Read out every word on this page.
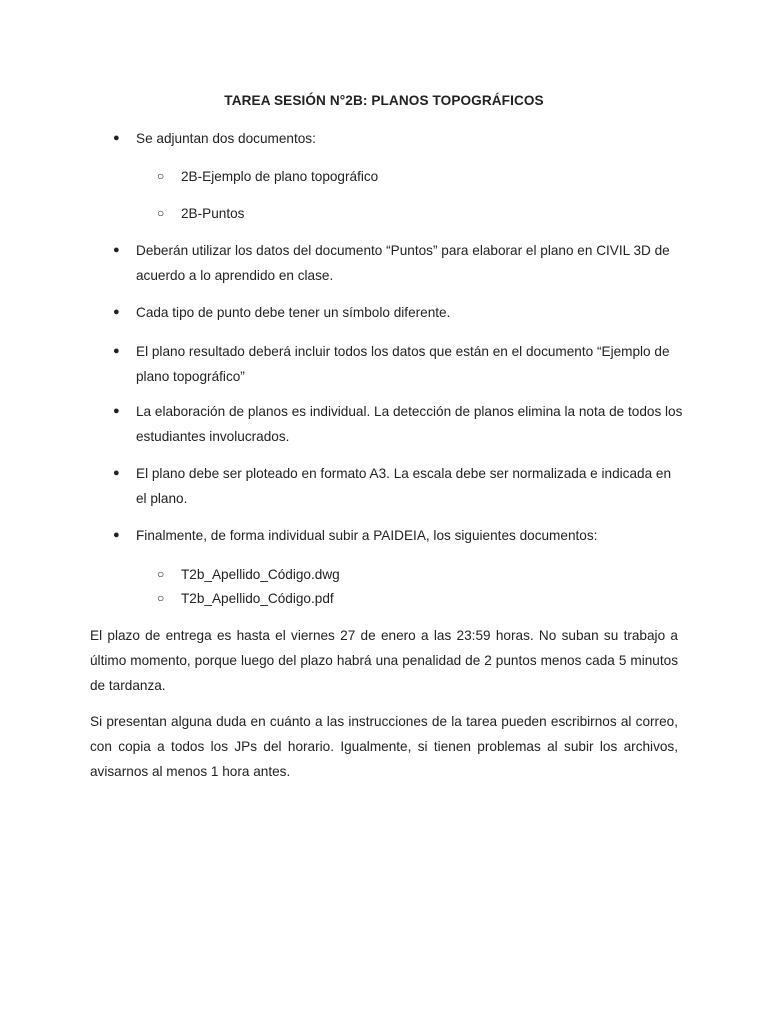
TAREA SESIÓN N°2B: PLANOS TOPOGRÁFICOS
● Se adjuntan dos documentos:
○ 2B-Ejemplo de plano topográfico
○ 2B-Puntos
● Deberán utilizar los datos del documento “Puntos” para elaborar el plano en CIVIL 3D de acuerdo a lo aprendido en clase.
● Cada tipo de punto debe tener un símbolo diferente.
● El plano resultado deberá incluir todos los datos que están en el documento “Ejemplo de plano topográfico”
● La elaboración de planos es individual. La detección de planos elimina la nota de todos los estudiantes involucrados.
● El plano debe ser ploteado en formato A3. La escala debe ser normalizada e indicada en el plano.
● Finalmente, de forma individual subir a PAIDEIA, los siguientes documentos:
○ T2b_Apellido_Código.dwg
○ T2b_Apellido_Código.pdf
El plazo de entrega es hasta el viernes 27 de enero a las 23:59 horas. No suban su trabajo a último momento, porque luego del plazo habrá una penalidad de 2 puntos menos cada 5 minutos de tardanza.
Si presentan alguna duda en cuánto a las instrucciones de la tarea pueden escribirnos al correo, con copia a todos los JPs del horario. Igualmente, si tienen problemas al subir los archivos, avisarnos al menos 1 hora antes.
